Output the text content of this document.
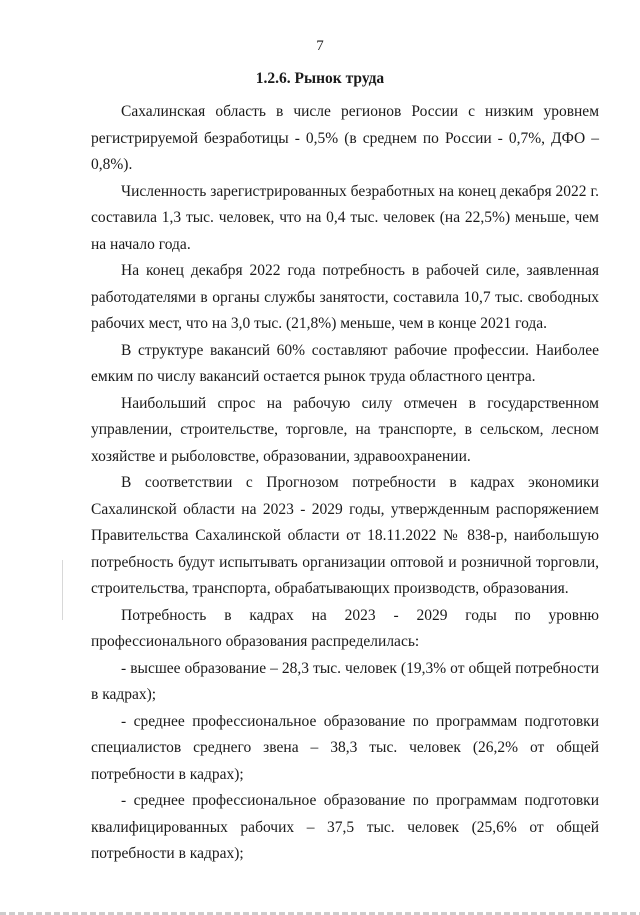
7
1.2.6. Рынок труда

Сахалинская область в числе регионов России с низким уровнем регистрируемой безработицы - 0,5% (в среднем по России - 0,7%, ДФО – 0,8%).

Численность зарегистрированных безработных на конец декабря 2022 г. составила 1,3 тыс. человек, что на 0,4 тыс. человек (на 22,5%) меньше, чем на начало года.

На конец декабря 2022 года потребность в рабочей силе, заявленная работодателями в органы службы занятости, составила 10,7 тыс. свободных рабочих мест, что на 3,0 тыс. (21,8%) меньше, чем в конце 2021 года.

В структуре вакансий 60% составляют рабочие профессии. Наиболее емким по числу вакансий остается рынок труда областного центра.

Наибольший спрос на рабочую силу отмечен в государственном управлении, строительстве, торговле, на транспорте, в сельском, лесном хозяйстве и рыболовстве, образовании, здравоохранении.

В соответствии с Прогнозом потребности в кадрах экономики Сахалинской области на 2023 - 2029 годы, утвержденным распоряжением Правительства Сахалинской области от 18.11.2022 № 838-р, наибольшую потребность будут испытывать организации оптовой и розничной торговли, строительства, транспорта, обрабатывающих производств, образования.

Потребность в кадрах на 2023 - 2029 годы по уровню профессионального образования распределилась:

- высшее образование – 28,3 тыс. человек (19,3% от общей потребности в кадрах);

- среднее профессиональное образование по программам подготовки специалистов среднего звена – 38,3 тыс. человек (26,2% от общей потребности в кадрах);

- среднее профессиональное образование по программам подготовки квалифицированных рабочих – 37,5 тыс. человек (25,6% от общей потребности в кадрах);
